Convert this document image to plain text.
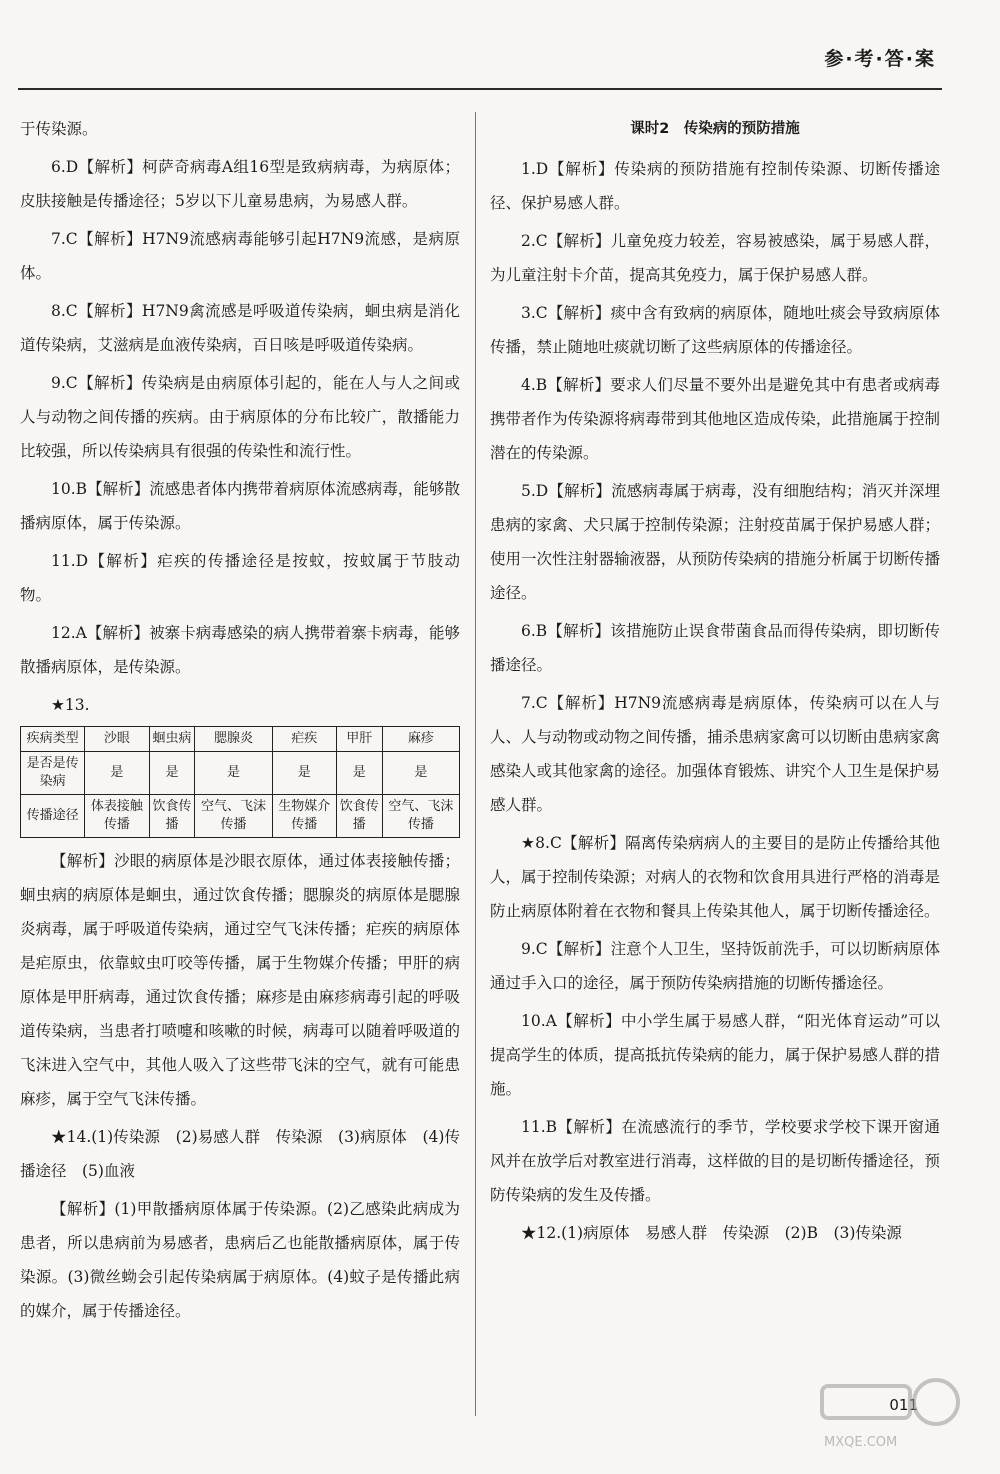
参·考·答·案

于传染源。

6.D【解析】柯萨奇病毒A组16型是致病病毒，为病原体；皮肤接触是传播途径；5岁以下儿童易患病，为易感人群。

7.C【解析】H7N9流感病毒能够引起H7N9流感，是病原体。

8.C【解析】H7N9禽流感是呼吸道传染病，蛔虫病是消化道传染病，艾滋病是血液传染病，百日咳是呼吸道传染病。

9.C【解析】传染病是由病原体引起的，能在人与人之间或人与动物之间传播的疾病。由于病原体的分布比较广，散播能力比较强，所以传染病具有很强的传染性和流行性。

10.B【解析】流感患者体内携带着病原体流感病毒，能够散播病原体，属于传染源。

11.D【解析】疟疾的传播途径是按蚊，按蚊属于节肢动物。

12.A【解析】被寨卡病毒感染的病人携带着寨卡病毒，能够散播病原体，是传染源。

★13.

疾病类型	沙眼	蛔虫病	腮腺炎	疟疾	甲肝	麻疹
是否是传染病	是	是	是	是	是	是
传播途径	体表接触传播	饮食传播	空气、飞沫传播	生物媒介传播	饮食传播	空气、飞沫传播

【解析】沙眼的病原体是沙眼衣原体，通过体表接触传播；蛔虫病的病原体是蛔虫，通过饮食传播；腮腺炎的病原体是腮腺炎病毒，属于呼吸道传染病，通过空气飞沫传播；疟疾的病原体是疟原虫，依靠蚊虫叮咬等传播，属于生物媒介传播；甲肝的病原体是甲肝病毒，通过饮食传播；麻疹是由麻疹病毒引起的呼吸道传染病，当患者打喷嚏和咳嗽的时候，病毒可以随着呼吸道的飞沫进入空气中，其他人吸入了这些带飞沫的空气，就有可能患麻疹，属于空气飞沫传播。

★14.(1)传染源　(2)易感人群　传染源　(3)病原体　(4)传播途径　(5)血液

【解析】(1)甲散播病原体属于传染源。(2)乙感染此病成为患者，所以患病前为易感者，患病后乙也能散播病原体，属于传染源。(3)微丝蚴会引起传染病属于病原体。(4)蚊子是传播此病的媒介，属于传播途径。

课时2　传染病的预防措施

1.D【解析】传染病的预防措施有控制传染源、切断传播途径、保护易感人群。

2.C【解析】儿童免疫力较差，容易被感染，属于易感人群，为儿童注射卡介苗，提高其免疫力，属于保护易感人群。

3.C【解析】痰中含有致病的病原体，随地吐痰会导致病原体传播，禁止随地吐痰就切断了这些病原体的传播途径。

4.B【解析】要求人们尽量不要外出是避免其中有患者或病毒携带者作为传染源将病毒带到其他地区造成传染，此措施属于控制潜在的传染源。

5.D【解析】流感病毒属于病毒，没有细胞结构；消灭并深埋患病的家禽、犬只属于控制传染源；注射疫苗属于保护易感人群；使用一次性注射器输液器，从预防传染病的措施分析属于切断传播途径。

6.B【解析】该措施防止误食带菌食品而得传染病，即切断传播途径。

7.C【解析】H7N9流感病毒是病原体，传染病可以在人与人、人与动物或动物之间传播，捕杀患病家禽可以切断由患病家禽感染人或其他家禽的途径。加强体育锻炼、讲究个人卫生是保护易感人群。

★8.C【解析】隔离传染病病人的主要目的是防止传播给其他人，属于控制传染源；对病人的衣物和饮食用具进行严格的消毒是防止病原体附着在衣物和餐具上传染其他人，属于切断传播途径。

9.C【解析】注意个人卫生，坚持饭前洗手，可以切断病原体通过手入口的途径，属于预防传染病措施的切断传播途径。

10.A【解析】中小学生属于易感人群，“阳光体育运动”可以提高学生的体质，提高抵抗传染病的能力，属于保护易感人群的措施。

11.B【解析】在流感流行的季节，学校要求学校下课开窗通风并在放学后对教室进行消毒，这样做的目的是切断传播途径，预防传染病的发生及传播。

★12.(1)病原体　易感人群　传染源　(2)B　(3)传染源

011
MXQE.COM
